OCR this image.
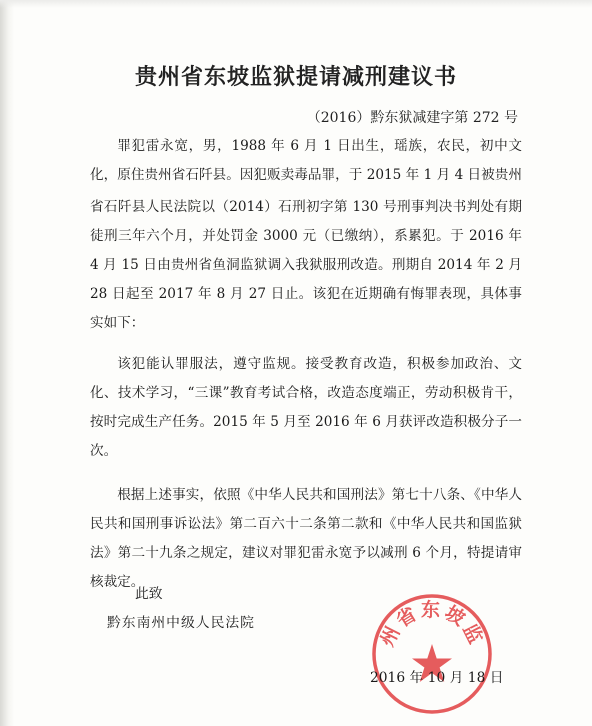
贵州省东坡监狱提请减刑建议书
（2016）黔东狱减建字第 272 号

罪犯雷永宽，男，1988 年 6 月 1 日出生，瑶族，农民，初中文化，原住贵州省石阡县。因犯贩卖毒品罪，于 2015 年 1 月 4 日被贵州省石阡县人民法院以（2014）石刑初字第 130 号刑事判决书判处有期徒刑三年六个月，并处罚金 3000 元（已缴纳），系累犯。于 2016 年 4 月 15 日由贵州省鱼洞监狱调入我狱服刑改造。刑期自 2014 年 2 月 28 日起至 2017 年 8 月 27 日止。该犯在近期确有悔罪表现，具体事实如下：

该犯能认罪服法，遵守监规。接受教育改造，积极参加政治、文化、技术学习，“三课”教育考试合格，改造态度端正，劳动积极肯干，按时完成生产任务。2015 年 5 月至 2016 年 6 月获评改造积极分子一次。

根据上述事实，依照《中华人民共和国刑法》第七十八条、《中华人民共和国刑事诉讼法》第二百六十二条第二款和《中华人民共和国监狱法》第二十九条之规定，建议对罪犯雷永宽予以减刑 6 个月，特提请审核裁定。

此致
黔东南州中级人民法院
贵州省东坡监狱
2016 年 10 月 18 日
